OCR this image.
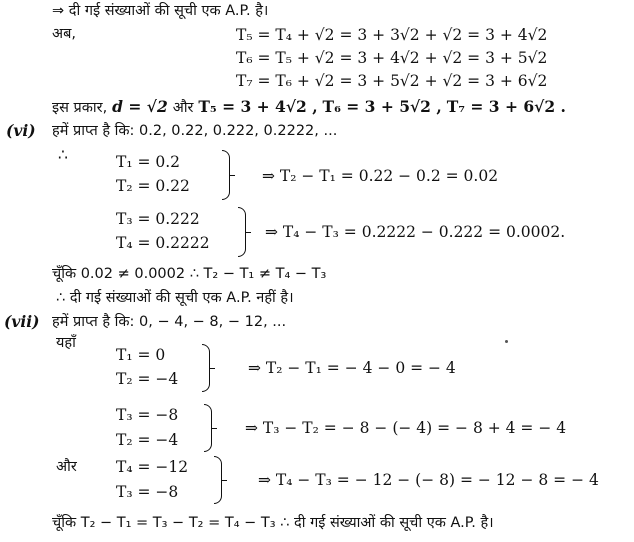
⇒ दी गई संख्याओं की सूची एक A.P. है।
अब,	T₅ = T₄ + √2 = 3 + 3√2 + √2 = 3 + 4√2
T₆ = T₅ + √2 = 3 + 4√2 + √2 = 3 + 5√2
T₇ = T₆ + √2 = 3 + 5√2 + √2 = 3 + 6√2
इस प्रकार, d = √2 और T₅ = 3 + 4√2 , T₆ = 3 + 5√2 , T₇ = 3 + 6√2 .
(vi) हमें प्राप्त है कि: 0.2, 0.22, 0.222, 0.2222, ...
∴	T₁ = 0.2
T₂ = 0.22
⇒ T₂ − T₁ = 0.22 − 0.2 = 0.02
T₃ = 0.222
T₄ = 0.2222
⇒ T₄ − T₃ = 0.2222 − 0.222 = 0.0002.
चूँकि 0.02 ≠ 0.0002 ∴ T₂ − T₁ ≠ T₄ − T₃
∴ दी गई संख्याओं की सूची एक A.P. नहीं है।
(vii) हमें प्राप्त है कि: 0, − 4, − 8, − 12, ...
यहाँ
T₁ = 0
T₂ = −4
⇒ T₂ − T₁ = − 4 − 0 = − 4
T₃ = −8
T₂ = −4
⇒ T₃ − T₂ = − 8 − (− 4) = − 8 + 4 = − 4
और	T₄ = −12
T₃ = −8
⇒ T₄ − T₃ = − 12 − (− 8) = − 12 − 8 = − 4
चूँकि T₂ − T₁ = T₃ − T₂ = T₄ − T₃ ∴ दी गई संख्याओं की सूची एक A.P. है।
